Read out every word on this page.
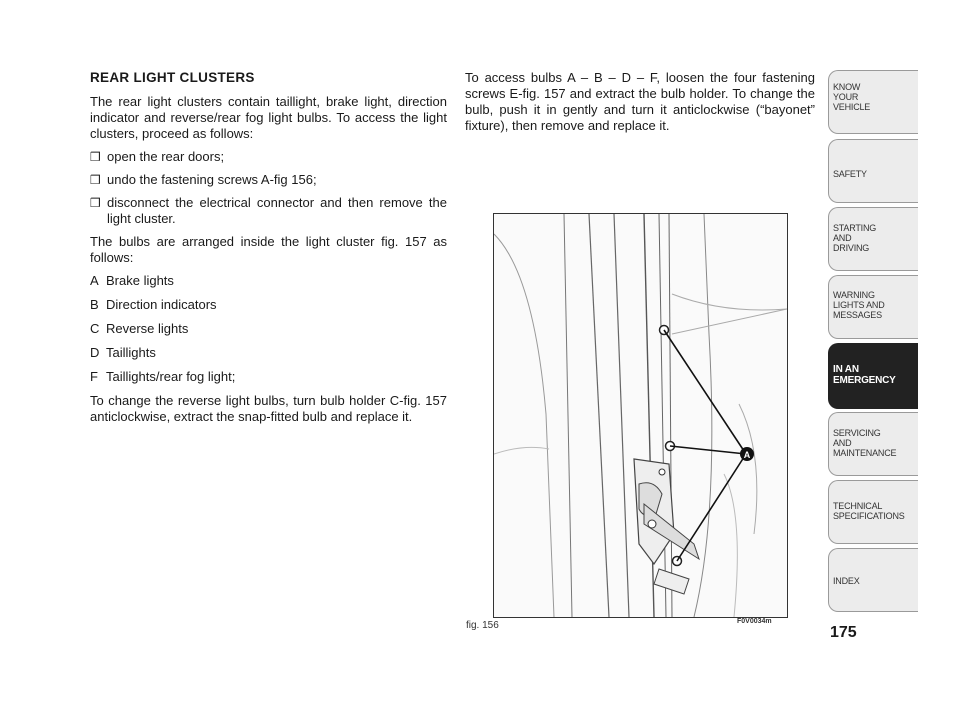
REAR LIGHT CLUSTERS

The rear light clusters contain taillight, brake light, direction indicator and reverse/rear fog light bulbs. To access the light clusters, proceed as follows:

❒ open the rear doors;
❒ undo the fastening screws A-fig 156;
❒ disconnect the electrical connector and then remove the light cluster.

The bulbs are arranged inside the light cluster fig. 157 as follows:

A Brake lights
B Direction indicators
C Reverse lights
D Taillights
F Taillights/rear fog light;

To change the reverse light bulbs, turn bulb holder C-fig. 157 anticlockwise, extract the snap-fitted bulb and replace it.

To access bulbs A – B – D – F, loosen the four fastening screws E-fig. 157 and extract the bulb holder. To change the bulb, push it in gently and turn it anticlockwise (“bayonet” fixture), then remove and replace it.

A
fig. 156	F0V0034m
KNOW
YOUR
VEHICLE
SAFETY
STARTING
AND
DRIVING
WARNING
LIGHTS AND
MESSAGES
IN AN
EMERGENCY
SERVICING
AND
MAINTENANCE
TECHNICAL
SPECIFICATIONS
INDEX
175
